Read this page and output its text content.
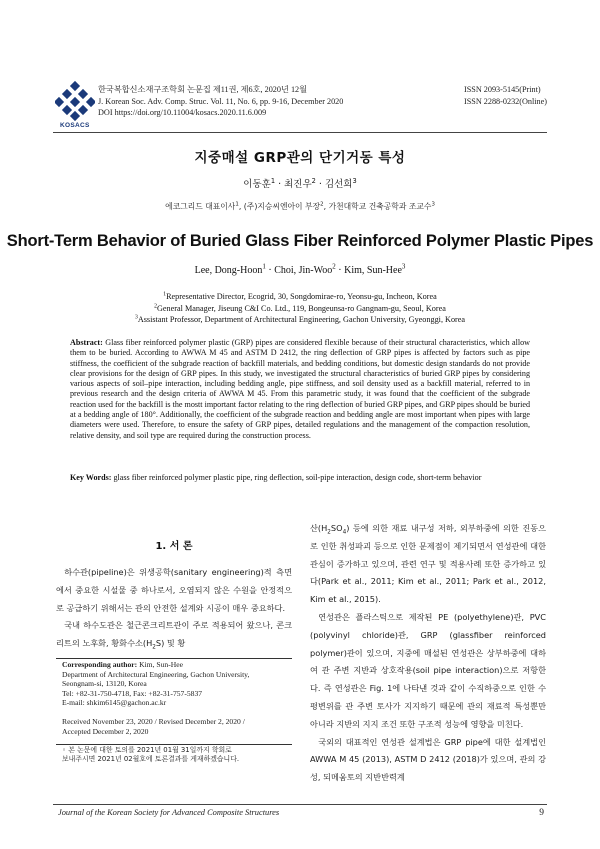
KOSACS
한국복합신소재구조학회 논문집 제11권, 제6호, 2020년 12월
J. Korean Soc. Adv. Comp. Struc. Vol. 11, No. 6, pp. 9-16, December 2020
DOI https://doi.org/10.11004/kosacs.2020.11.6.009
ISSN 2093-5145(Print)
ISSN 2288-0232(Online)
지중매설 GRP관의 단기거동 특성
이동훈$^1$ · 최진우$^2$ · 김선희$^3$
에코그리드 대표이사$^1$, (주)지승씨엔아이 부장$^2$, 가천대학교 건축공학과 조교수$^3$
Short-Term Behavior of Buried Glass Fiber Reinforced Polymer Plastic Pipes
Lee, Dong-Hoon$^1$ · Choi, Jin-Woo$^2$ · Kim, Sun-Hee$^3$
$^1$Representative Director, Ecogrid, 30, Songdomirae-ro, Yeonsu-gu, Incheon, Korea
$^2$General Manager, Jiseung C&I Co. Ltd., 119, Bongeunsa-ro Gangnam-gu, Seoul, Korea
$^3$Assistant Professor, Department of Architectural Engineering, Gachon University, Gyeonggi, Korea
Abstract: Glass fiber reinforced polymer plastic (GRP) pipes are considered flexible because of their structural characteristics, which allow them to be buried. According to AWWA M 45 and ASTM D 2412, the ring deflection of GRP pipes is affected by factors such as pipe stiffness, the coefficient of the subgrade reaction of backfill materials, and bedding conditions, but domestic design standards do not provide clear provisions for the design of GRP pipes. In this study, we investigated the structural characteristics of buried GRP pipes by considering various aspects of soil–pipe interaction, including bedding angle, pipe stiffness, and soil density used as a backfill material, referred to in previous research and the design criteria of AWWA M 45. From this parametric study, it was found that the coefficient of the subgrade reaction used for the backfill is the mostt important factor relating to the ring deflection of buried GRP pipes, and GRP pipes should be buried at a bedding angle of 180°. Additionally, the coefficient of the subgrade reaction and bedding angle are most important when pipes with large diameters were used. Therefore, to ensure the safety of GRP pipes, detailed regulations and the management of the compaction resolution, relative density, and soil type are required during the construction process.
Key Words: glass fiber reinforced polymer plastic pipe, ring deflection, soil-pipe interaction, design code, short-term behavior
1. 서 론

하수관(pipeline)은 위생공학(sanitary engineering)적 측면에서 중요한 시설물 중 하나로서, 오염되지 않은 수원을 안정적으로 공급하기 위해서는 관의 안전한 설계와 시공이 매우 중요하다.

국내 하수도관은 철근콘크리트관이 주로 적용되어 왔으나, 콘크리트의 노후화, 황화수소$(H_2S)$ 및 황

Corresponding author: Kim, Sun-Hee
Department of Architectural Engineering, Gachon University,
Seongnam-si, 13120, Korea
Tel: +82-31-750-4718, Fax: +82-31-757-5837
E-mail: shkim6145@gachon.ac.kr
Received November 23, 2020 / Revised December 2, 2020 /
Accepted December 2, 2020
◦ 본 논문에 대한 토의를 2021년 01월 31일까지 학회로
보내주시면 2021년 02월호에 토론결과를 게재하겠습니다.

산$(H_2SO_4)$ 등에 의한 재료 내구성 저하, 외부하중에 의한 진동으로 인한 취성파괴 등으로 인한 문제점이 제기되면서 연성관에 대한 관심이 증가하고 있으며, 관련 연구 및 적용사례 또한 증가하고 있다(Park et al., 2011; Kim et al., 2011; Park et al., 2012, Kim et al., 2015).

연성관은 플라스틱으로 제작된 PE (polyethylene)관, PVC (polyvinyl chloride)관, GRP (glassfiber reinforced polymer)관이 있으며, 지중에 매설된 연성관은 상부하중에 대하여 관 주변 지반과 상호작용(soil pipe interaction)으로 저항한다. 즉 연성관은 Fig. 1에 나타낸 것과 같이 수직하중으로 인한 수평변위를 관 주변 토사가 지지하기 때문에 관의 재료적 특성뿐만 아니라 지반의 지지 조건 또한 구조적 성능에 영향을 미친다.

국외의 대표적인 연성관 설계법은 GRP pipe에 대한 설계법인 AWWA M 45 (2013), ASTM D 2412 (2018)가 있으며, 관의 강성, 되메움토의 지반반력계

Journal of the Korean Society for Advanced Composite Structures	9
